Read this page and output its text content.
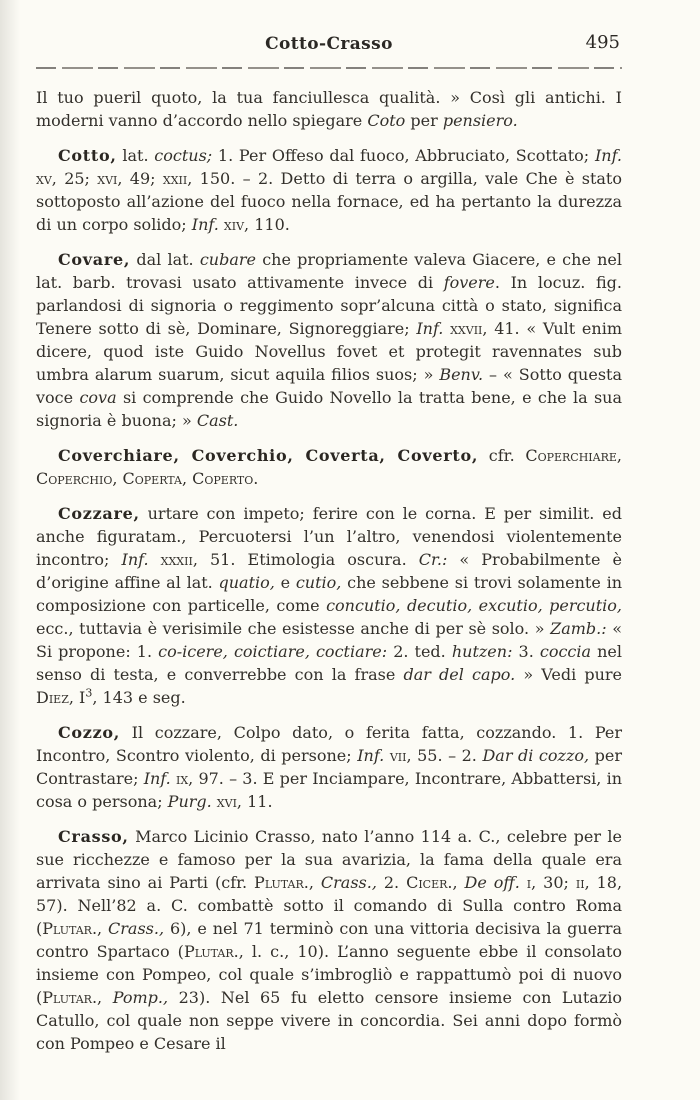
Cotto-Crasso	495

Il tuo pueril quoto, la tua fanciullesca qualità. » Così gli antichi. I moderni vanno d’accordo nello spiegare Coto per pensiero.

Cotto, lat. coctus; 1. Per Offeso dal fuoco, Abbruciato, Scottato; Inf. xv, 25; xvi, 49; xxii, 150. – 2. Detto di terra o argilla, vale Che è stato sottoposto all’azione del fuoco nella fornace, ed ha pertanto la durezza di un corpo solido; Inf. xiv, 110.

Covare, dal lat. cubare che propriamente valeva Giacere, e che nel lat. barb. trovasi usato attivamente invece di fovere. In locuz. fig. parlandosi di signoria o reggimento sopr’alcuna città o stato, significa Tenere sotto di sè, Dominare, Signoreggiare; Inf. xxvii, 41. « Vult enim dicere, quod iste Guido Novellus fovet et protegit ravennates sub umbra alarum suarum, sicut aquila filios suos; » Benv. – « Sotto questa voce cova si comprende che Guido Novello la tratta bene, e che la sua signoria è buona; » Cast.

Coverchiare, Coverchio, Coverta, Coverto, cfr. Coperchiare, Coperchio, Coperta, Coperto.

Cozzare, urtare con impeto; ferire con le corna. E per similit. ed anche figuratam., Percuotersi l’un l’altro, venendosi violentemente incontro; Inf. xxxii, 51. Etimologia oscura. Cr.: « Probabilmente è d’origine affine al lat. quatio, e cutio, che sebbene si trovi solamente in composizione con particelle, come concutio, decutio, excutio, percutio, ecc., tuttavia è verisimile che esistesse anche di per sè solo. » Zamb.: « Si propone: 1. co-icere, coictiare, coctiare: 2. ted. hutzen: 3. coccia nel senso di testa, e converrebbe con la frase dar del capo. » Vedi pure Diez, $I^3$, 143 e seg.

Cozzo, Il cozzare, Colpo dato, o ferita fatta, cozzando. 1. Per Incontro, Scontro violento, di persone; Inf. vii, 55. – 2. Dar di cozzo, per Contrastare; Inf. ix, 97. – 3. E per Inciampare, Incontrare, Abbattersi, in cosa o persona; Purg. xvi, 11.

Crasso, Marco Licinio Crasso, nato l’anno 114 a. C., celebre per le sue ricchezze e famoso per la sua avarizia, la fama della quale era arrivata sino ai Parti (cfr. Plutar., Crass., 2. Cicer., De off. i, 30; ii, 18, 57). Nell’82 a. C. combattè sotto il comando di Sulla contro Roma (Plutar., Crass., 6), e nel 71 terminò con una vittoria decisiva la guerra contro Spartaco (Plutar., l. c., 10). L’anno seguente ebbe il consolato insieme con Pompeo, col quale s’imbrogliò e rappattumò poi di nuovo (Plutar., Pomp., 23). Nel 65 fu eletto censore insieme con Lutazio Catullo, col quale non seppe vivere in concordia. Sei anni dopo formò con Pompeo e Cesare il
